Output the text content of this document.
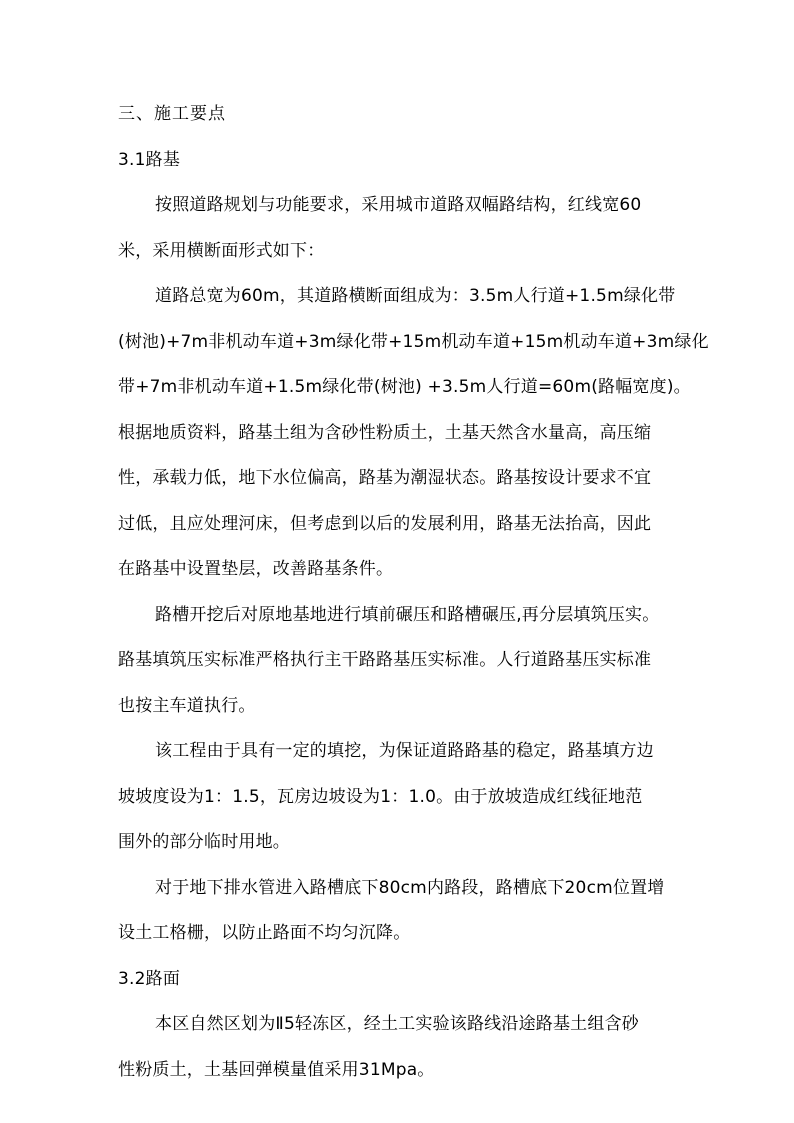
三、施工要点
3.1路基
按照道路规划与功能要求，采用城市道路双幅路结构，红线宽60
米，采用横断面形式如下：
道路总宽为60m，其道路横断面组成为：3.5m人行道+1.5m绿化带
(树池)+7m非机动车道+3m绿化带+15m机动车道+15m机动车道+3m绿化
带+7m非机动车道+1.5m绿化带(树池) +3.5m人行道=60m(路幅宽度)。
根据地质资料，路基土组为含砂性粉质土，土基天然含水量高，高压缩
性，承载力低，地下水位偏高，路基为潮湿状态。路基按设计要求不宜
过低，且应处理河床，但考虑到以后的发展利用，路基无法抬高，因此
在路基中设置垫层，改善路基条件。
路槽开挖后对原地基地进行填前碾压和路槽碾压,再分层填筑压实。
路基填筑压实标准严格执行主干路路基压实标准。人行道路基压实标准
也按主车道执行。
该工程由于具有一定的填挖，为保证道路路基的稳定，路基填方边
坡坡度设为1：1.5，瓦房边坡设为1：1.0。由于放坡造成红线征地范
围外的部分临时用地。
对于地下排水管进入路槽底下80cm内路段，路槽底下20cm位置增
设土工格栅，以防止路面不均匀沉降。
3.2路面
本区自然区划为Ⅱ5轻冻区，经土工实验该路线沿途路基土组含砂
性粉质土，土基回弹模量值采用31Mpa。
